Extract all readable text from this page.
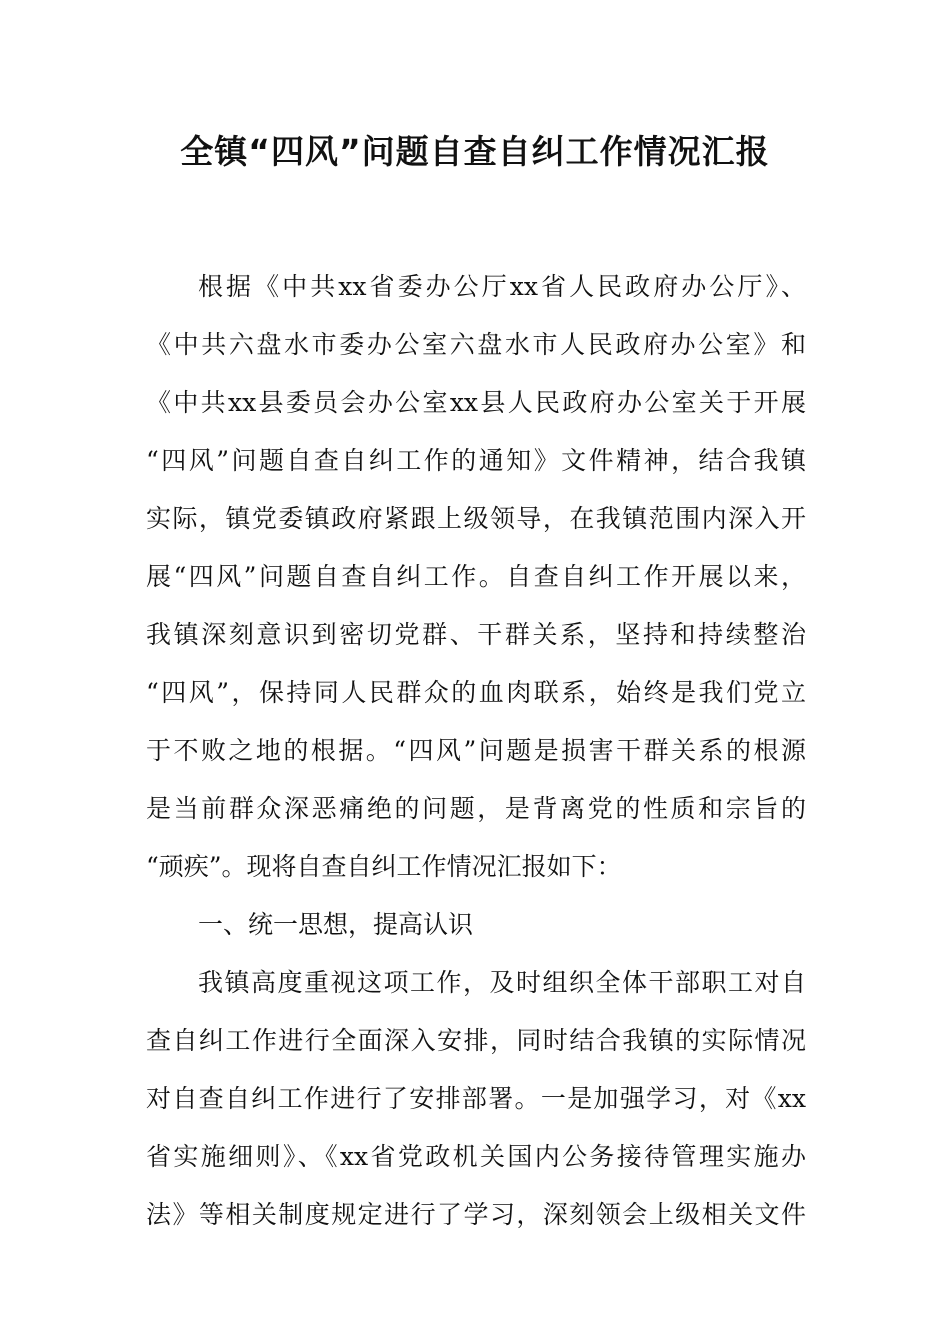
全镇“四风”问题自查自纠工作情况汇报
根据《中共xx省委办公厅xx省人民政府办公厅》、
《中共六盘水市委办公室六盘水市人民政府办公室》和
《中共xx县委员会办公室xx县人民政府办公室关于开展
“四风”问题自查自纠工作的通知》文件精神，结合我镇
实际，镇党委镇政府紧跟上级领导，在我镇范围内深入开
展“四风”问题自查自纠工作。自查自纠工作开展以来，
我镇深刻意识到密切党群、干群关系，坚持和持续整治
“四风”，保持同人民群众的血肉联系，始终是我们党立
于不败之地的根据。“四风”问题是损害干群关系的根源
是当前群众深恶痛绝的问题，是背离党的性质和宗旨的
“顽疾”。现将自查自纠工作情况汇报如下：
一、统一思想，提高认识
我镇高度重视这项工作，及时组织全体干部职工对自
查自纠工作进行全面深入安排，同时结合我镇的实际情况
对自查自纠工作进行了安排部署。一是加强学习，对《xx
省实施细则》、《xx省党政机关国内公务接待管理实施办
法》等相关制度规定进行了学习，深刻领会上级相关文件
